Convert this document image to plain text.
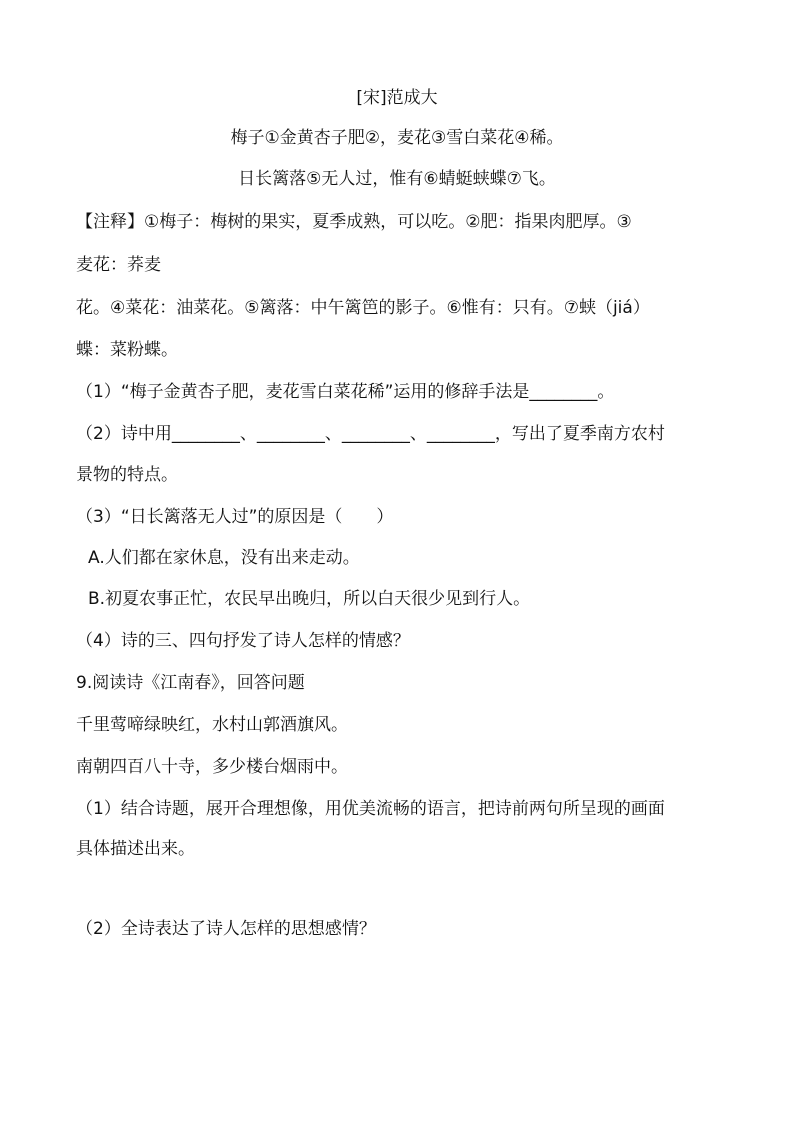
[宋]范成大
梅子①金黄杏子肥②，麦花③雪白菜花④稀。
日长篱落⑤无人过，惟有⑥蜻蜓蛱蝶⑦飞。
【注释】①梅子：梅树的果实，夏季成熟，可以吃。②肥：指果肉肥厚。③
麦花：荞麦
花。④菜花：油菜花。⑤篱落：中午篱笆的影子。⑥惟有：只有。⑦蛱（jiá）
蝶：菜粉蝶。
（1）“梅子金黄杏子肥，麦花雪白菜花稀”运用的修辞手法是________。
（2）诗中用________、________、________、________，写出了夏季南方农村
景物的特点。
（3）“日长篱落无人过”的原因是（　　）
A.人们都在家休息，没有出来走动。
B.初夏农事正忙，农民早出晚归，所以白天很少见到行人。
（4）诗的三、四句抒发了诗人怎样的情感？
9.阅读诗《江南春》，回答问题
千里莺啼绿映红，水村山郭酒旗风。
南朝四百八十寺，多少楼台烟雨中。
（1）结合诗题，展开合理想像，用优美流畅的语言，把诗前两句所呈现的画面
具体描述出来。
（2）全诗表达了诗人怎样的思想感情？
